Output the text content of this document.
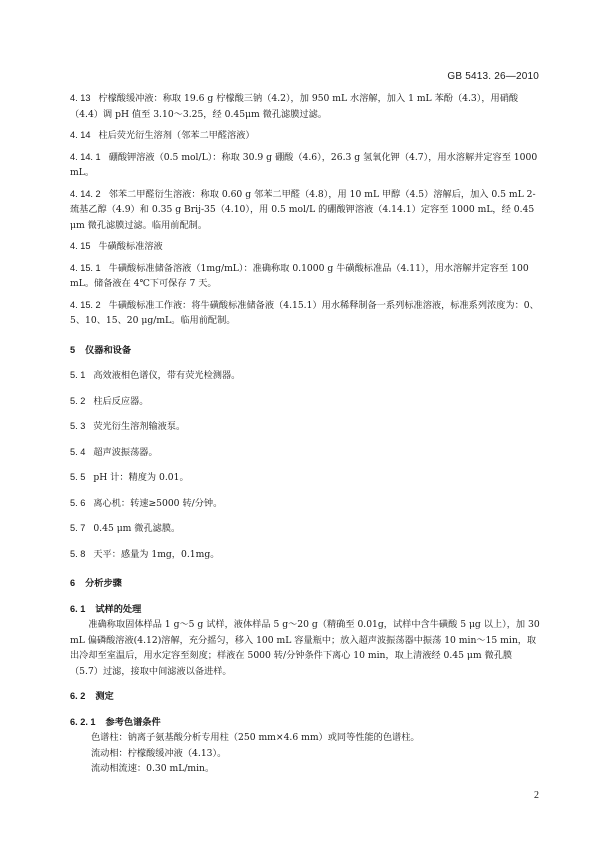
GB 5413. 26—2010

4. 13 柠檬酸缓冲液：称取 19.6 g 柠檬酸三钠（4.2），加 950 mL 水溶解，加入 1 mL 苯酚（4.3），用硝酸（4.4）调 pH 值至 3.10～3.25，经 0.45μm 微孔滤膜过滤。

4. 14 柱后荧光衍生溶剂（邻苯二甲醛溶液）

4. 14. 1 硼酸钾溶液（0.5 mol/L）：称取 30.9 g 硼酸（4.6），26.3 g 氢氧化钾（4.7），用水溶解并定容至 1000 mL。

4. 14. 2 邻苯二甲醛衍生溶液：称取 0.60 g 邻苯二甲醛（4.8），用 10 mL 甲醇（4.5）溶解后，加入 0.5 mL 2-巯基乙醇（4.9）和 0.35 g Brij-35（4.10），用 0.5 mol/L 的硼酸钾溶液（4.14.1）定容至 1000 mL，经 0.45 μm 微孔滤膜过滤。临用前配制。

4. 15 牛磺酸标准溶液

4. 15. 1 牛磺酸标准储备溶液（1mg/mL）：准确称取 0.1000 g 牛磺酸标准品（4.11），用水溶解并定容至 100 mL。储备液在 4℃下可保存 7 天。

4. 15. 2 牛磺酸标准工作液：将牛磺酸标准储备液（4.15.1）用水稀释制备一系列标准溶液，标准系列浓度为：0、5、10、15、20 μg/mL。临用前配制。

5 仪器和设备

5. 1 高效液相色谱仪，带有荧光检测器。

5. 2 柱后反应器。

5. 3 荧光衍生溶剂输液泵。

5. 4 超声波振荡器。

5. 5 pH 计：精度为 0.01。

5. 6 离心机：转速≥5000 转/分钟。

5. 7 0.45 μm 微孔滤膜。

5. 8 天平：感量为 1mg，0.1mg。

6 分析步骤

6. 1 试样的处理

准确称取固体样品 1 g～5 g 试样，液体样品 5 g～20 g（精确至 0.01g，试样中含牛磺酸 5 μg 以上），加 30 mL 偏磷酸溶液(4.12)溶解，充分摇匀，移入 100 mL 容量瓶中；放入超声波振荡器中振荡 10 min～15 min，取出冷却至室温后，用水定容至刻度；样液在 5000 转/分钟条件下离心 10 min，取上清液经 0.45 μm 微孔膜（5.7）过滤，接取中间滤液以备进样。

6. 2 测定

6. 2. 1 参考色谱条件

色谱柱：钠离子氨基酸分析专用柱（250 mm×4.6 mm）或同等性能的色谱柱。

流动相：柠檬酸缓冲液（4.13）。

流动相流速：0.30 mL/min。

2
